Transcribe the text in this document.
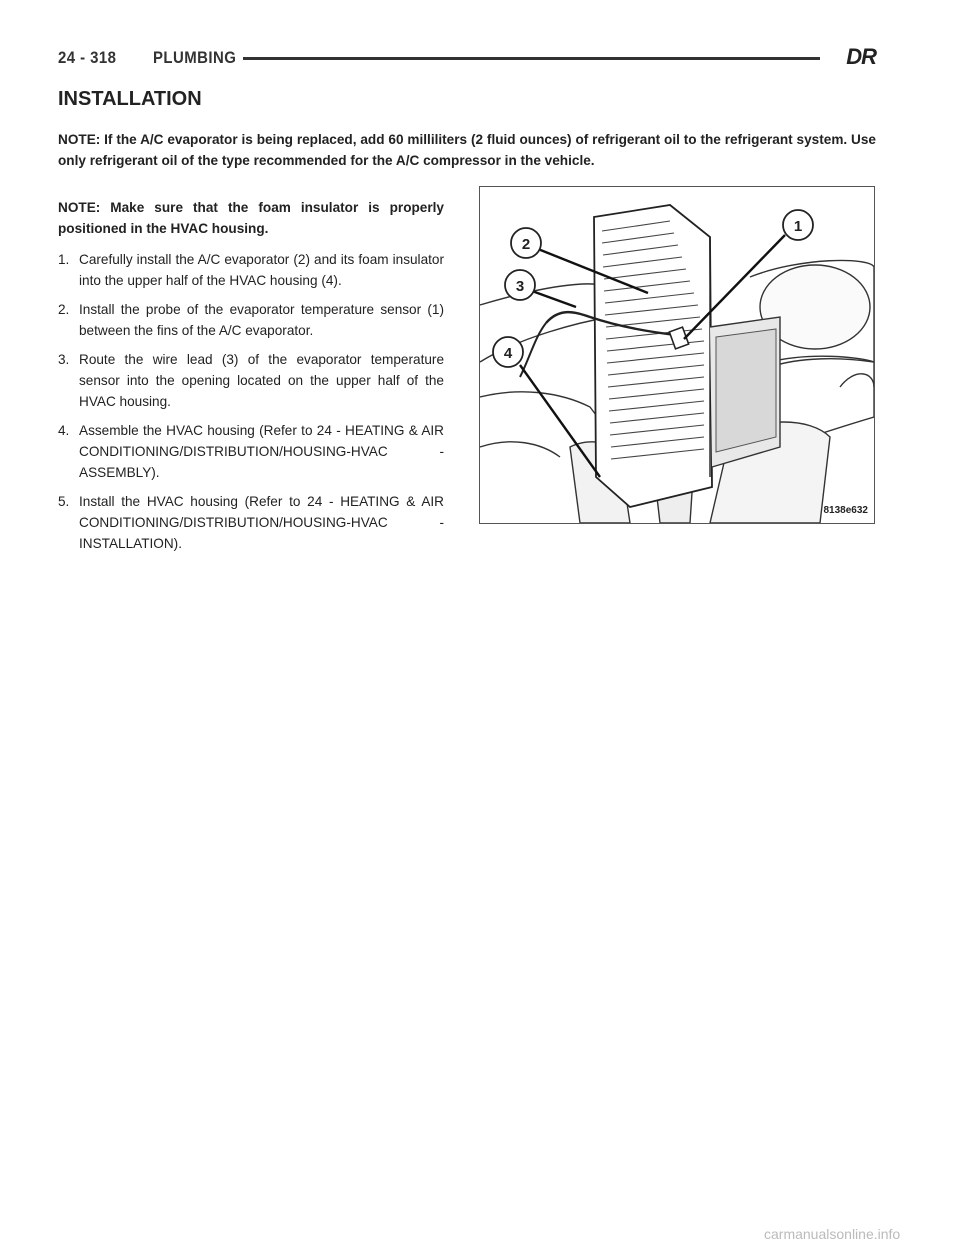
24 - 318 PLUMBING	DR
INSTALLATION

NOTE: If the A/C evaporator is being replaced, add 60 milliliters (2 fluid ounces) of refrigerant oil to the refrigerant system. Use only refrigerant oil of the type recommended for the A/C compressor in the vehicle.

NOTE: Make sure that the foam insulator is properly positioned in the HVAC housing.

1. Carefully install the A/C evaporator (2) and its foam insulator into the upper half of the HVAC housing (4).
2. Install the probe of the evaporator temperature sensor (1) between the fins of the A/C evaporator.
3. Route the wire lead (3) of the evaporator temperature sensor into the opening located on the upper half of the HVAC housing.
4. Assemble the HVAC housing (Refer to 24 - HEATING & AIR CONDITIONING/DISTRIBUTION/HOUSING-HVAC - ASSEMBLY).
5. Install the HVAC housing (Refer to 24 - HEATING & AIR CONDITIONING/DISTRIBUTION/HOUSING-HVAC - INSTALLATION).
1
2
3
4
8138e632
carmanualsonline.info
